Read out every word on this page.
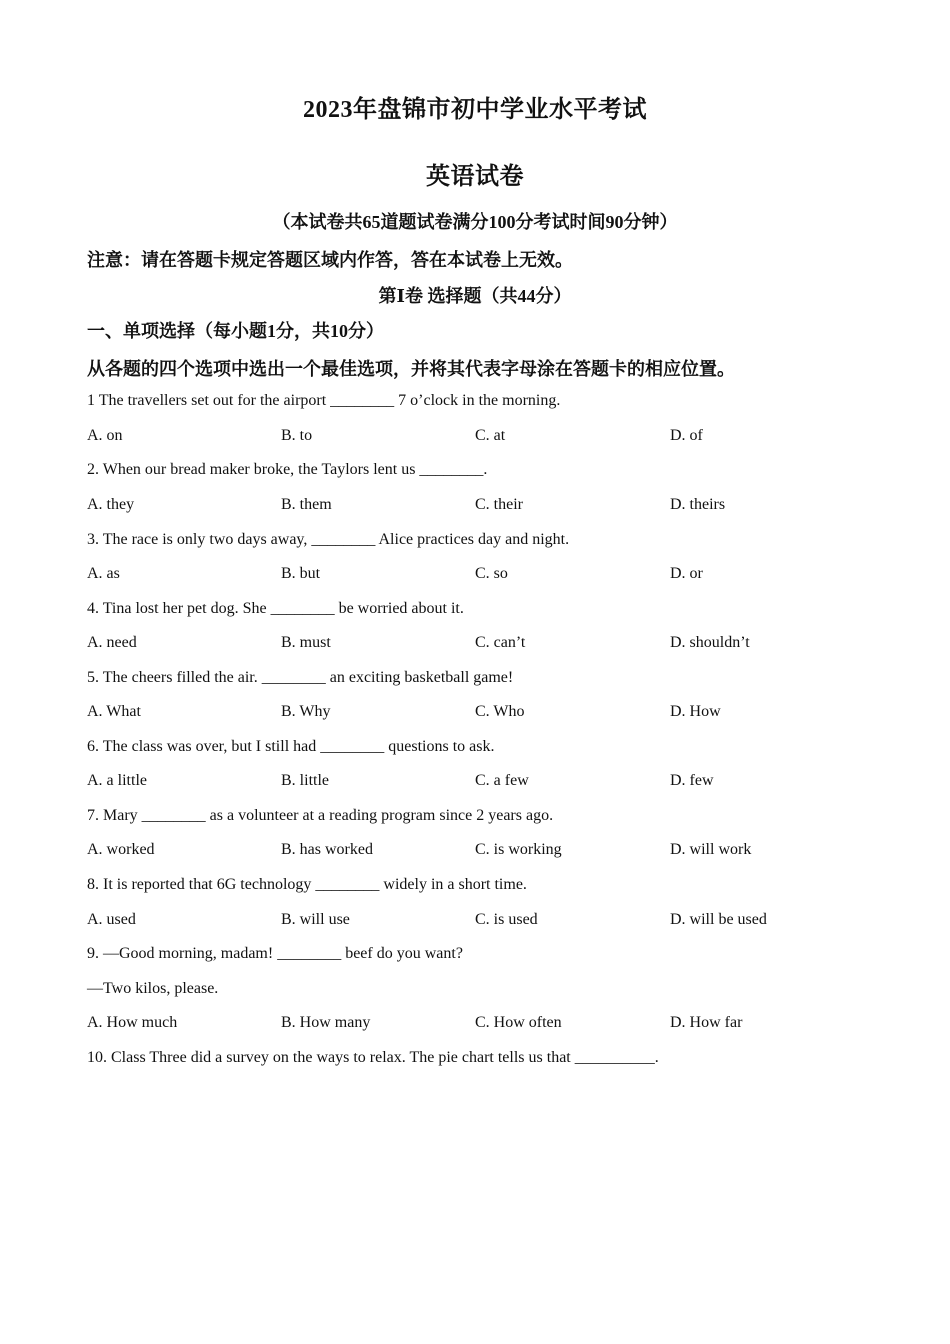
2023年盘锦市初中学业水平考试
英语试卷
（本试卷共65道题试卷满分100分考试时间90分钟）
注意：请在答题卡规定答题区域内作答，答在本试卷上无效。
第Ⅰ卷 选择题（共44分）
一、单项选择（每小题1分，共10分）
从各题的四个选项中选出一个最佳选项，并将其代表字母涂在答题卡的相应位置。
1 The travellers set out for the airport ________ 7 o’clock in the morning.
A. on	B. to	C. at	D. of
2. When our bread maker broke, the Taylors lent us ________.
A. they	B. them	C. their	D. theirs
3. The race is only two days away, ________ Alice practices day and night.
A. as	B. but	C. so	D. or
4. Tina lost her pet dog. She ________ be worried about it.
A. need	B. must	C. can’t	D. shouldn’t
5. The cheers filled the air. ________ an exciting basketball game!
A. What	B. Why	C. Who	D. How
6. The class was over, but I still had ________ questions to ask.
A. a little	B. little	C. a few	D. few
7. Mary ________ as a volunteer at a reading program since 2 years ago.
A. worked	B. has worked	C. is working	D. will work
8. It is reported that 6G technology ________ widely in a short time.
A. used	B. will use	C. is used	D. will be used
9. —Good morning, madam! ________ beef do you want?
—Two kilos, please.
A. How much	B. How many	C. How often	D. How far
10. Class Three did a survey on the ways to relax. The pie chart tells us that __________.
